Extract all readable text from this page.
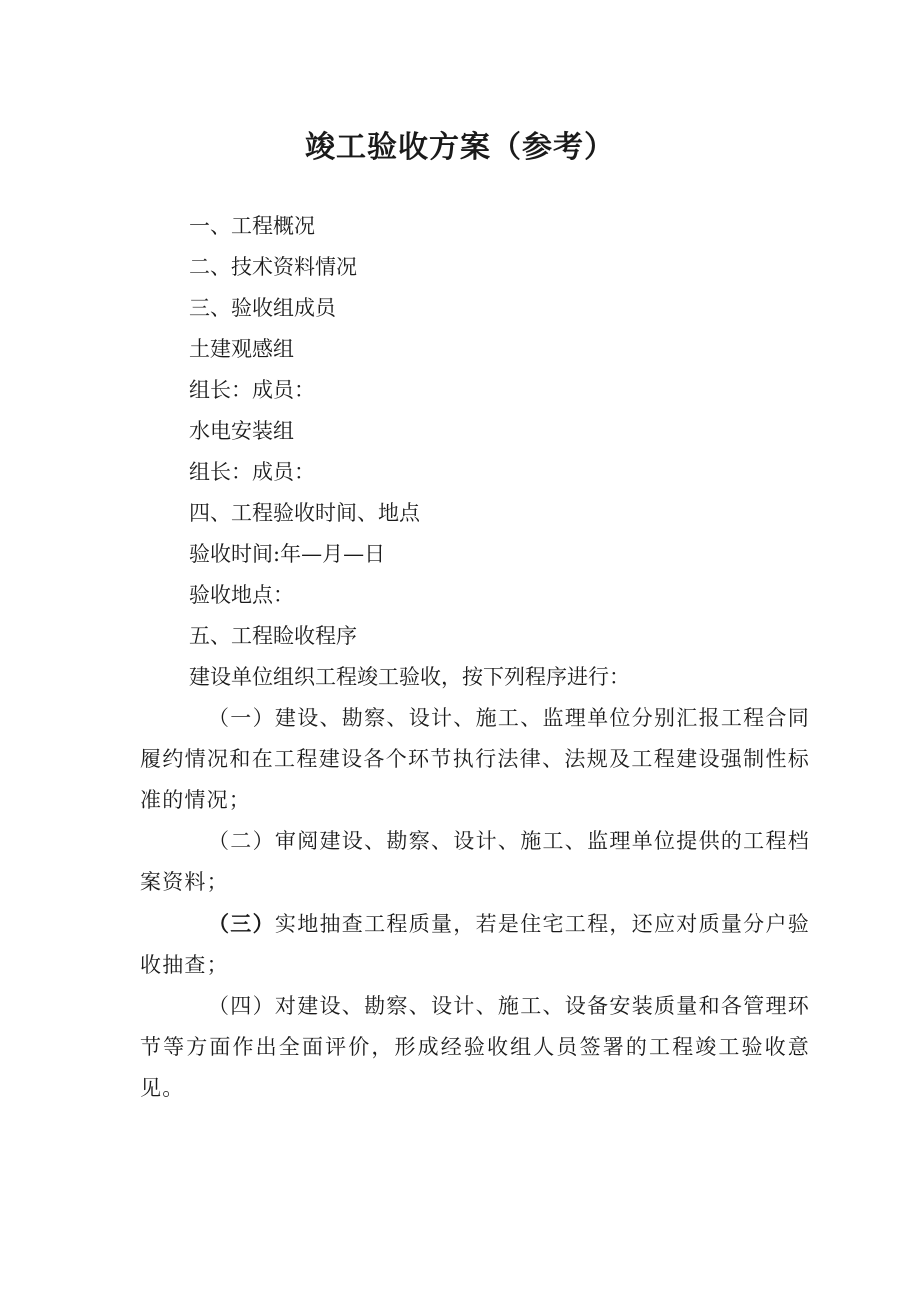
竣工验收方案（参考）

一、工程概况

二、技术资料情况

三、验收组成员

土建观感组

组长：成员：

水电安装组

组长：成员：

四、工程验收时间、地点

验收时间:年—月—日

验收地点：

五、工程睑收程序

建设单位组织工程竣工验收，按下列程序进行：

（一）建设、勘察、设计、施工、监理单位分别汇报工程合同履约情况和在工程建设各个环节执行法律、法规及工程建设强制性标准的情况；

（二）审阅建设、勘察、设计、施工、监理单位提供的工程档案资料；

（三）实地抽查工程质量，若是住宅工程，还应对质量分户验收抽查；

（四）对建设、勘察、设计、施工、设备安装质量和各管理环节等方面作出全面评价，形成经验收组人员签署的工程竣工验收意见。
